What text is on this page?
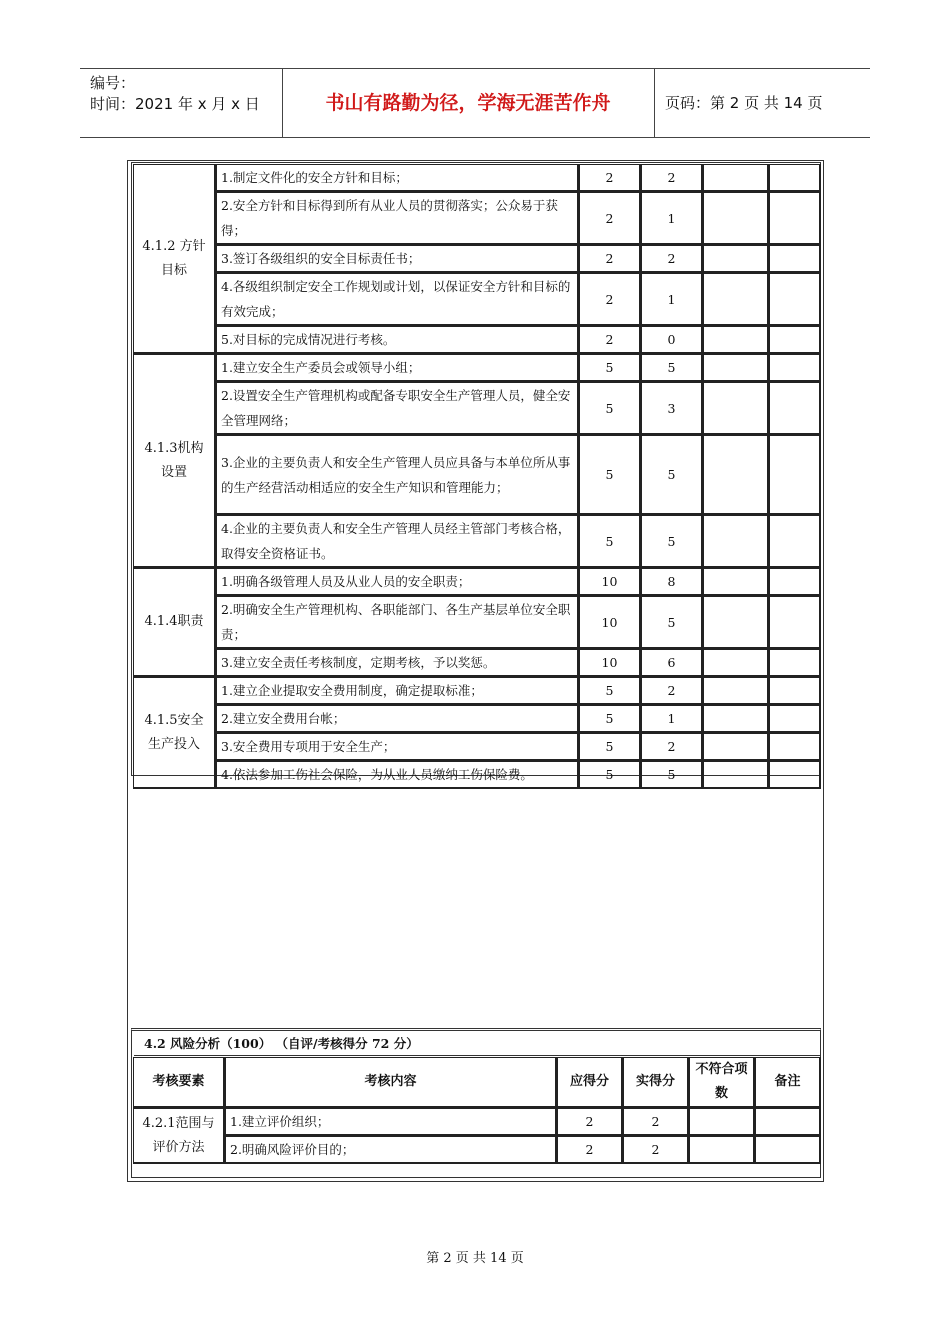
编号：
时间：2021 年 x 月 x 日	书山有路勤为径，学海无涯苦作舟	页码：第 2 页 共 14 页
4.1.2 方针目标	1.制定文件化的安全方针和目标；	2	2		
	2.安全方针和目标得到所有从业人员的贯彻落实；公众易于获得；	2	1		
	3.签订各级组织的安全目标责任书；	2	2		
	4.各级组织制定安全工作规划或计划，以保证安全方针和目标的有效完成；	2	1		
	5.对目标的完成情况进行考核。	2	0		
4.1.3机构设置	1.建立安全生产委员会或领导小组；	5	5		
	2.设置安全生产管理机构或配备专职安全生产管理人员，健全安全管理网络；	5	3		
	3.企业的主要负责人和安全生产管理人员应具备与本单位所从事的生产经营活动相适应的安全生产知识和管理能力；	5	5		
	4.企业的主要负责人和安全生产管理人员经主管部门考核合格，取得安全资格证书。	5	5		
4.1.4职责	1.明确各级管理人员及从业人员的安全职责；	10	8		
	2.明确安全生产管理机构、各职能部门、各生产基层单位安全职责；	10	5		
	3.建立安全责任考核制度，定期考核，予以奖惩。	10	6		
4.1.5安全生产投入	1.建立企业提取安全费用制度，确定提取标准；	5	2		
	2.建立安全费用台帐；	5	1		
	3.安全费用专项用于安全生产；	5	2		
	4.依法参加工伤社会保险，为从业人员缴纳工伤保险费。	5	5		
4.2 风险分析（100） （自评/考核得分 72 分）
考核要素	考核内容	应得分	实得分	不符合项数	备注
4.2.1范围与评价方法	1.建立评价组织；	2	2		
	2.明确风险评价目的；	2	2		
第 2 页 共 14 页
